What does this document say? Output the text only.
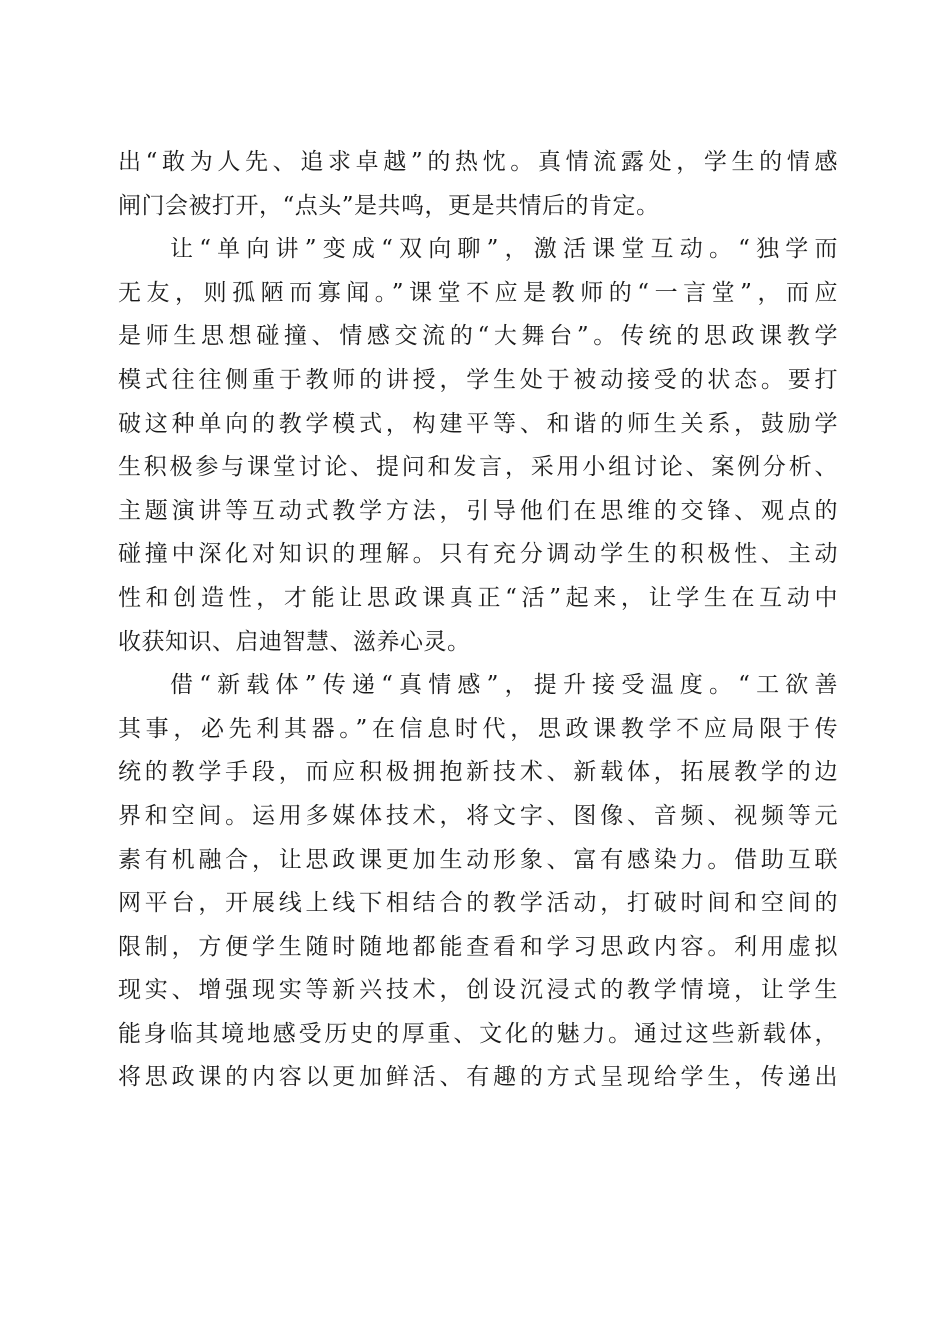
出“敢为人先、追求卓越”的热忱。真情流露处，学生的情感
闸门会被打开，“点头”是共鸣，更是共情后的肯定。
让“单向讲”变成“双向聊”，激活课堂互动。“独学而
无友，则孤陋而寡闻。”课堂不应是教师的“一言堂”，而应
是师生思想碰撞、情感交流的“大舞台”。传统的思政课教学
模式往往侧重于教师的讲授，学生处于被动接受的状态。要打
破这种单向的教学模式，构建平等、和谐的师生关系，鼓励学
生积极参与课堂讨论、提问和发言，采用小组讨论、案例分析、
主题演讲等互动式教学方法，引导他们在思维的交锋、观点的
碰撞中深化对知识的理解。只有充分调动学生的积极性、主动
性和创造性，才能让思政课真正“活”起来，让学生在互动中
收获知识、启迪智慧、滋养心灵。
借“新载体”传递“真情感”，提升接受温度。“工欲善
其事，必先利其器。”在信息时代，思政课教学不应局限于传
统的教学手段，而应积极拥抱新技术、新载体，拓展教学的边
界和空间。运用多媒体技术，将文字、图像、音频、视频等元
素有机融合，让思政课更加生动形象、富有感染力。借助互联
网平台，开展线上线下相结合的教学活动，打破时间和空间的
限制，方便学生随时随地都能查看和学习思政内容。利用虚拟
现实、增强现实等新兴技术，创设沉浸式的教学情境，让学生
能身临其境地感受历史的厚重、文化的魅力。通过这些新载体，
将思政课的内容以更加鲜活、有趣的方式呈现给学生，传递出
